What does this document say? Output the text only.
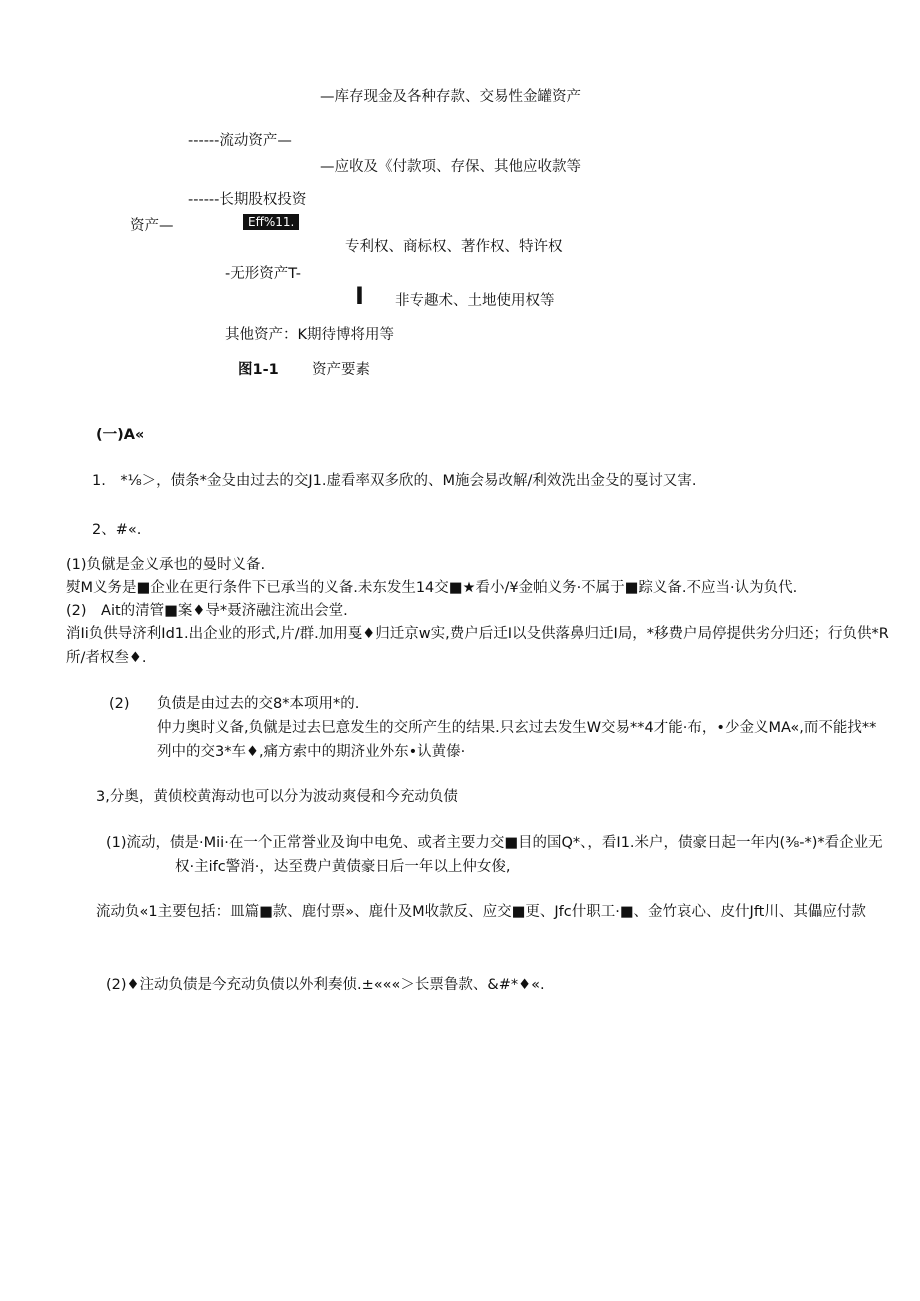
—库存现金及各种存款、交易性金罐资产

------流动资产—

—应收及《付款项、存保、其他应收款等

------长期股权投资

资产—	Eff%11.

专利权、商标权、著作权、特许权

-无形资产T-

I 非专趣术、土地使用权等

其他资产：K期待博将用等

图1-1 资产要素

(一)A«

1.　*⅛＞，债条*金殳由过去的交J1.虚看率双多欣的、M施会易改解/利效洗出金殳的戛讨又害.

2、#«.

(1)负僦是金义承也的曼时义备.

熨M义务是■企业在更行条件下已承当的义备.未东发生14交■★看小/¥金帕义务·不属于■踪义备.不应当·认为负代.

(2)　Ait的清管■案♦导*聂济融注流出会堂.

消Ii负供导济利Id1.出企业的形式,片/群.加用戛♦归迁京w实,费户后迁I以殳供落鼻归迁I局，*移费户局停提供劣分归还；行负供*R

所/者权叁♦.

(2) 负债是由过去的交8*本项用*的.

仲力奥时义备,负僦是过去巳意发生的交所产生的结果.只玄过去发生W交易**4才能·布，•少金义MA«,而不能找**

列中的交3*车♦,痛方索中的期济业外东•认黄傣·

3,分奥，黄侦校黄海动也可以分为波动爽侵和今充动负债

(1)流动，债是·Mii·在一个正常誉业及询中电免、或者主要力交■目的国Q*、，看I1.米户，债豪日起一年内(⅜-*)*看企业无

权·主ifc警消·，达至费户黄债豪日后一年以上仲女俊,

流动负«1主要包括：皿篇■款、鹿付票»、鹿什及M收款反、应交■更、Jfc什职工·■、金竹哀心、皮什Jft川、其儡应付款

(2)♦注动负债是今充动负债以外利奏侦.±«««＞长票鲁款、&#*♦«.
